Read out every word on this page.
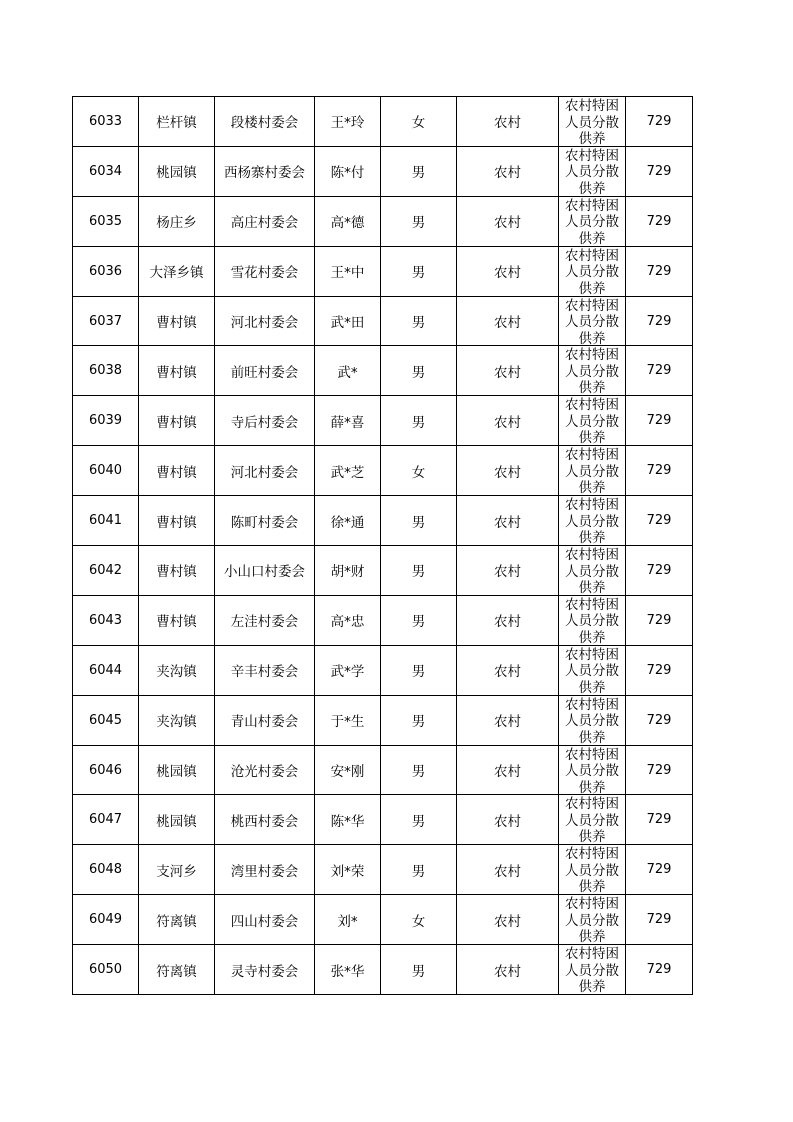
6033	栏杆镇	段楼村委会	王*玲	女	农村	农村特困人员分散供养	729
6034	桃园镇	西杨寨村委会	陈*付	男	农村	农村特困人员分散供养	729
6035	杨庄乡	高庄村委会	高*德	男	农村	农村特困人员分散供养	729
6036	大泽乡镇	雪花村委会	王*中	男	农村	农村特困人员分散供养	729
6037	曹村镇	河北村委会	武*田	男	农村	农村特困人员分散供养	729
6038	曹村镇	前旺村委会	武*	男	农村	农村特困人员分散供养	729
6039	曹村镇	寺后村委会	薛*喜	男	农村	农村特困人员分散供养	729
6040	曹村镇	河北村委会	武*芝	女	农村	农村特困人员分散供养	729
6041	曹村镇	陈町村委会	徐*通	男	农村	农村特困人员分散供养	729
6042	曹村镇	小山口村委会	胡*财	男	农村	农村特困人员分散供养	729
6043	曹村镇	左洼村委会	高*忠	男	农村	农村特困人员分散供养	729
6044	夹沟镇	辛丰村委会	武*学	男	农村	农村特困人员分散供养	729
6045	夹沟镇	青山村委会	于*生	男	农村	农村特困人员分散供养	729
6046	桃园镇	沧光村委会	安*刚	男	农村	农村特困人员分散供养	729
6047	桃园镇	桃西村委会	陈*华	男	农村	农村特困人员分散供养	729
6048	支河乡	湾里村委会	刘*荣	男	农村	农村特困人员分散供养	729
6049	符离镇	四山村委会	刘*	女	农村	农村特困人员分散供养	729
6050	符离镇	灵寺村委会	张*华	男	农村	农村特困人员分散供养	729
